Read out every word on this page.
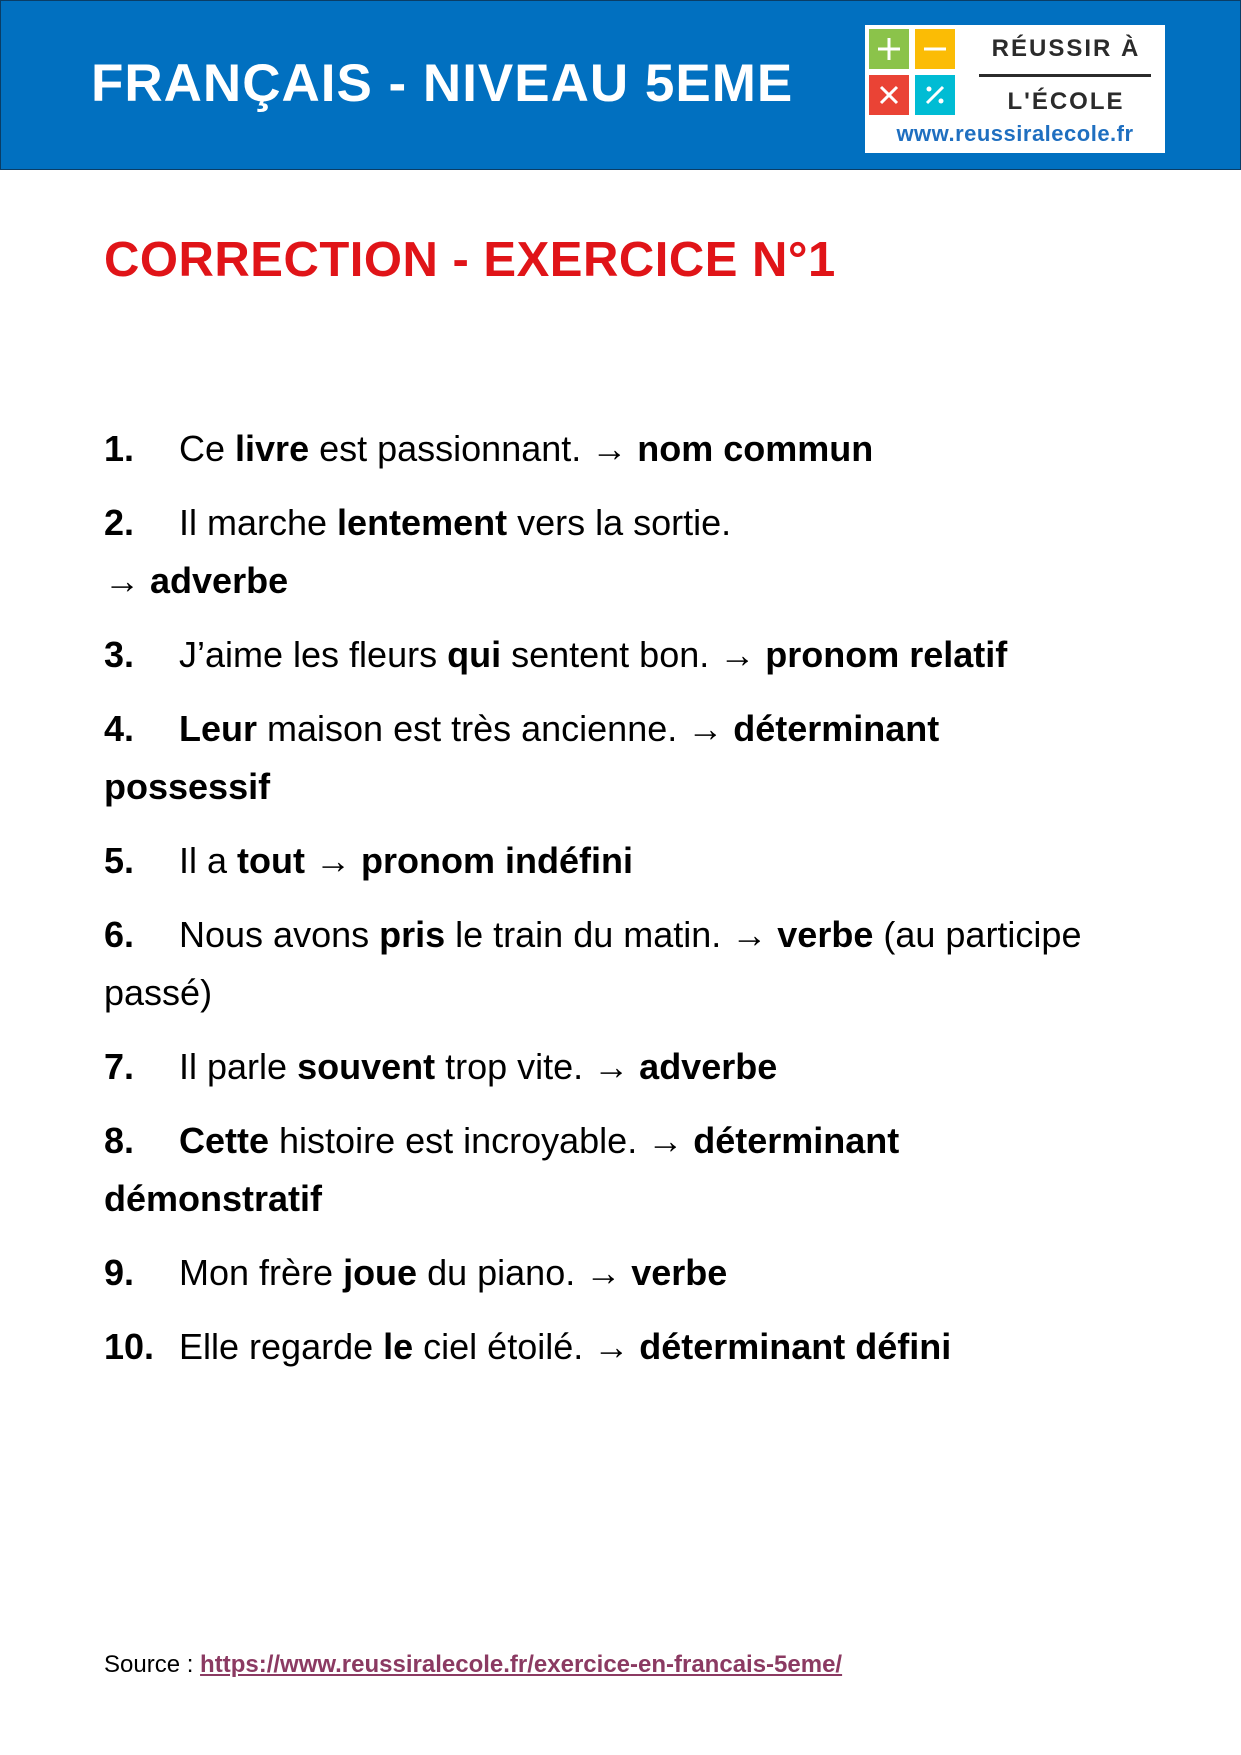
FRANÇAIS - NIVEAU 5EME
RÉUSSIR À
L'ÉCOLE
www.reussiralecole.fr
CORRECTION - EXERCICE N°1
1. Ce livre est passionnant. → nom commun
2. Il marche lentement vers la sortie.
→ adverbe
3. J’aime les fleurs qui sentent bon. → pronom relatif
4. Leur maison est très ancienne. → déterminant possessif
5. Il a tout → pronom indéfini
6. Nous avons pris le train du matin. → verbe (au participe passé)
7. Il parle souvent trop vite. → adverbe
8. Cette histoire est incroyable. → déterminant démonstratif
9. Mon frère joue du piano. → verbe
10. Elle regarde le ciel étoilé. → déterminant défini
Source : https://www.reussiralecole.fr/exercice-en-francais-5eme/
